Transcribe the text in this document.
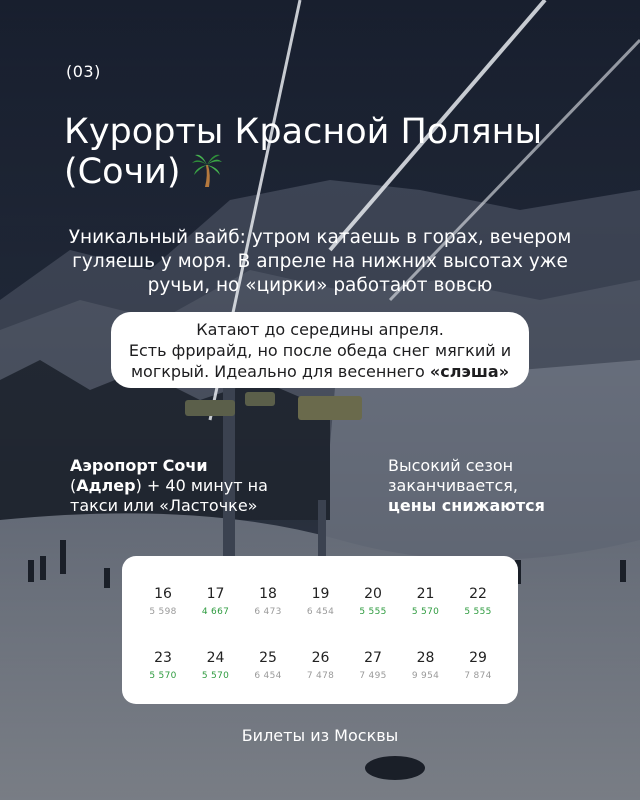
(03)
Курорты Красной Поляны
(Сочи)
Уникальный вайб: утром катаешь в горах, вечером
гуляешь у моря. В апреле на нижних высотах уже
ручьи, но «цирки» работают вовсю
Катают до середины апреля.
Есть фрирайд, но после обеда снег мягкий и
могкрый. Идеально для весеннего «слэша»
Аэропорт Сочи
(Адлер) + 40 минут на
такси или «Ласточке»
Высокий сезон
заканчивается,
цены снижаются
16
5 598
17
4 667
18
6 473
19
6 454
20
5 555
21
5 570
22
5 555
23
5 570
24
5 570
25
6 454
26
7 478
27
7 495
28
9 954
29
7 874
Билеты из Москвы
